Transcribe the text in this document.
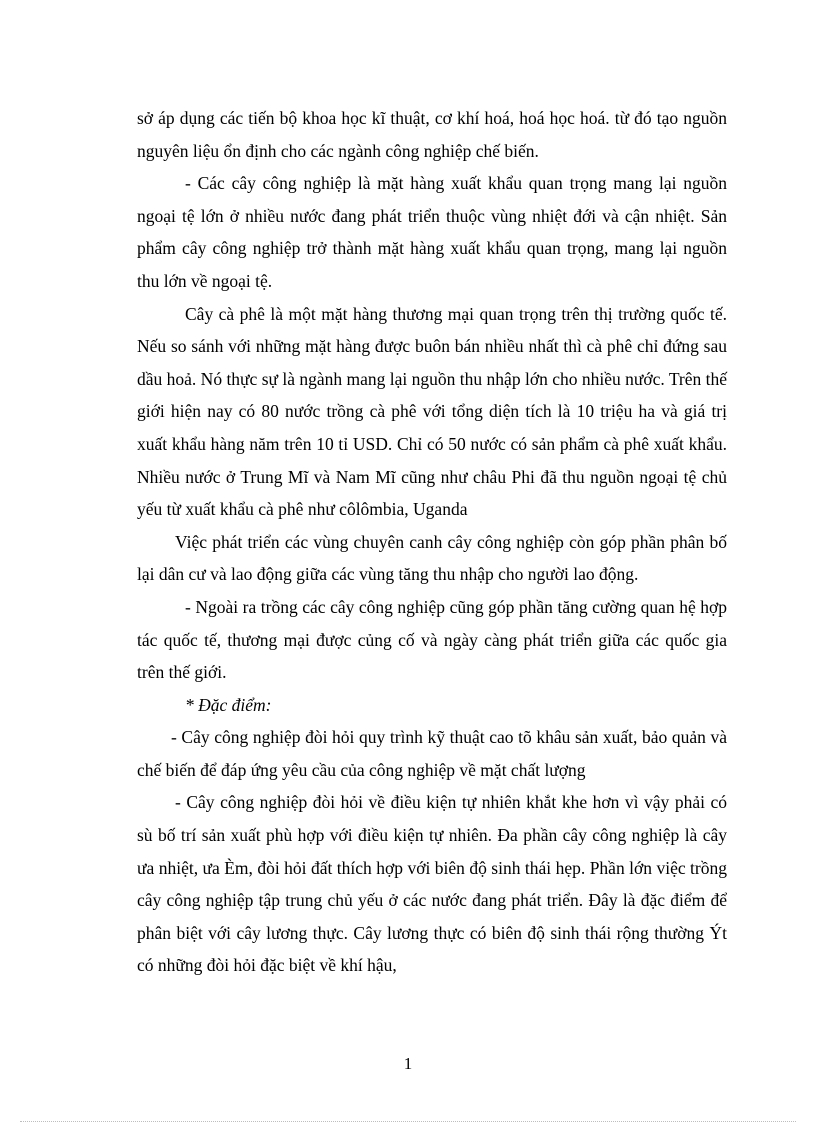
sở áp dụng các tiến bộ khoa học kĩ thuật, cơ khí hoá, hoá học hoá. từ đó tạo nguồn nguyên liệu ổn định cho các ngành công nghiệp chế biến.

- Các cây công nghiệp là mặt hàng xuất khẩu quan trọng mang lại nguồn ngoại tệ lớn ở nhiều nước đang phát triển thuộc vùng nhiệt đới và cận nhiệt. Sản phẩm cây công nghiệp trở thành mặt hàng xuất khẩu quan trọng, mang lại nguồn thu lớn về ngoại tệ.

Cây cà phê là một mặt hàng thương mại quan trọng trên thị trường quốc tế. Nếu so sánh với những mặt hàng được buôn bán nhiều nhất thì cà phê chỉ đứng sau dầu hoả. Nó thực sự là ngành mang lại nguồn thu nhập lớn cho nhiều nước. Trên thế giới hiện nay có 80 nước trồng cà phê với tổng diện tích là 10 triệu ha và giá trị xuất khẩu hàng năm trên 10 tỉ USD. Chỉ có 50 nước có sản phẩm cà phê xuất khẩu. Nhiều nước ở Trung Mĩ và Nam Mĩ cũng như châu Phi đã thu nguồn ngoại tệ chủ yếu từ xuất khẩu cà phê như côlômbia, Uganda

Việc phát triển các vùng chuyên canh cây công nghiệp còn góp phần phân bố lại dân cư và lao động giữa các vùng tăng thu nhập cho người lao động.

- Ngoài ra trồng các cây công nghiệp cũng góp phần tăng cường quan hệ hợp tác quốc tế, thương mại được củng cố và ngày càng phát triển giữa các quốc gia trên thế giới.

* Đặc điểm:

- Cây công nghiệp đòi hỏi quy trình kỹ thuật cao tõ khâu sản xuất, bảo quản và chế biến để đáp ứng yêu cầu của công nghiệp về mặt chất lượng

- Cây công nghiệp đòi hỏi về điều kiện tự nhiên khắt khe hơn vì vậy phải có sù bố trí sản xuất phù hợp với điều kiện tự nhiên. Đa phần cây công nghiệp là cây ưa nhiệt, ưa Èm, đòi hỏi đất thích hợp với biên độ sinh thái hẹp. Phần lớn việc trồng cây công nghiệp tập trung chủ yếu ở các nước đang phát triển. Đây là đặc điểm để phân biệt với cây lương thực. Cây lương thực có biên độ sinh thái rộng thường Ýt có những đòi hỏi đặc biệt về khí hậu,

1
